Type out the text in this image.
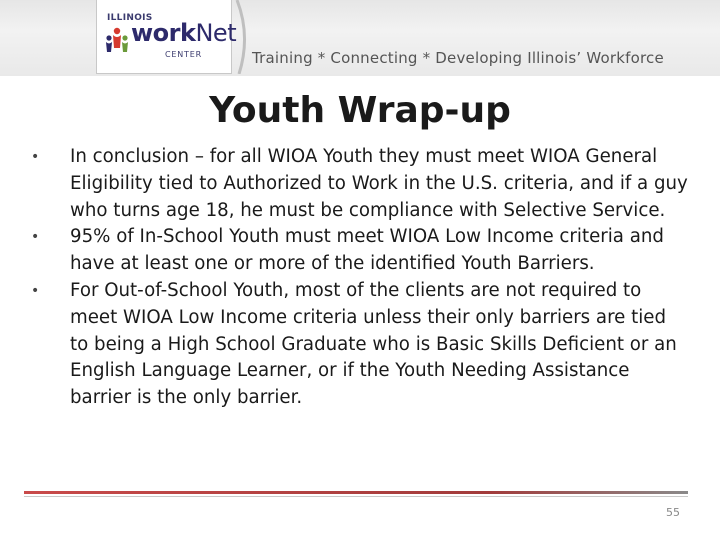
ILLINOIS
workNet
CENTER	Training * Connecting * Developing Illinois’ Workforce
Youth Wrap-up
• In conclusion – for all WIOA Youth they must meet WIOA General Eligibility tied to Authorized to Work in the U.S. criteria, and if a guy who turns age 18, he must be compliance with Selective Service.
• 95% of In-School Youth must meet WIOA Low Income criteria and have at least one or more of the identified Youth Barriers.
• For Out-of-School Youth, most of the clients are not required to meet WIOA Low Income criteria unless their only barriers are tied to being a High School Graduate who is Basic Skills Deficient or an English Language Learner, or if the Youth Needing Assistance barrier is the only barrier.
55
